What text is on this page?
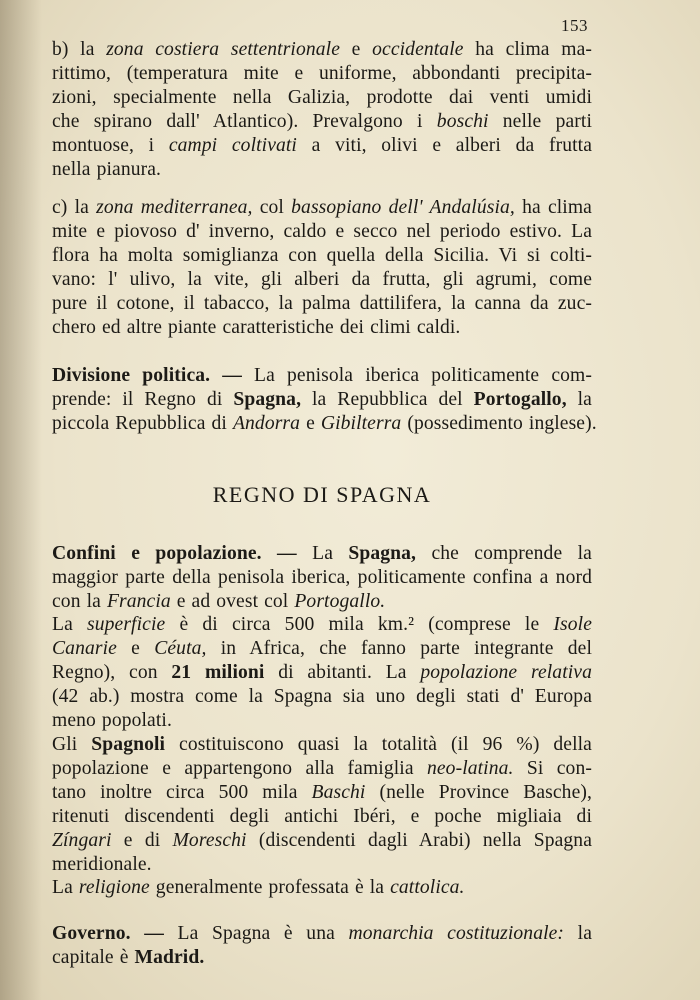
153
b) la zona costiera settentrionale e occidentale ha clima ma-
rittimo, (temperatura mite e uniforme, abbondanti precipita-
zioni, specialmente nella Galizia, prodotte dai venti umidi
che spirano dall' Atlantico). Prevalgono i boschi nelle parti
montuose, i campi coltivati a viti, olivi e alberi da frutta
nella pianura.
c) la zona mediterranea, col bassopiano dell' Andalúsia, ha clima
mite e piovoso d' inverno, caldo e secco nel periodo estivo. La
flora ha molta somiglianza con quella della Sicilia. Vi si colti-
vano: l' ulivo, la vite, gli alberi da frutta, gli agrumi, come
pure il cotone, il tabacco, la palma dattilifera, la canna da zuc-
chero ed altre piante caratteristiche dei climi caldi.
Divisione politica. — La penisola iberica politicamente com-
prende: il Regno di Spagna, la Repubblica del Portogallo, la
piccola Repubblica di Andorra e Gibilterra (possedimento inglese).
REGNO DI SPAGNA
Confini e popolazione. — La Spagna, che comprende la
maggior parte della penisola iberica, politicamente confina a nord
con la Francia e ad ovest col Portogallo.
La superficie è di circa 500 mila km.² (comprese le Isole
Canarie e Céuta, in Africa, che fanno parte integrante del
Regno), con 21 milioni di abitanti. La popolazione relativa
(42 ab.) mostra come la Spagna sia uno degli stati d' Europa
meno popolati.
Gli Spagnoli costituiscono quasi la totalità (il 96 %) della
popolazione e appartengono alla famiglia neo-latina. Si con-
tano inoltre circa 500 mila Baschi (nelle Province Basche),
ritenuti discendenti degli antichi Ibéri, e poche migliaia di
Zíngari e di Moreschi (discendenti dagli Arabi) nella Spagna
meridionale.
La religione generalmente professata è la cattolica.
Governo. — La Spagna è una monarchia costituzionale: la
capitale è Madrid.
